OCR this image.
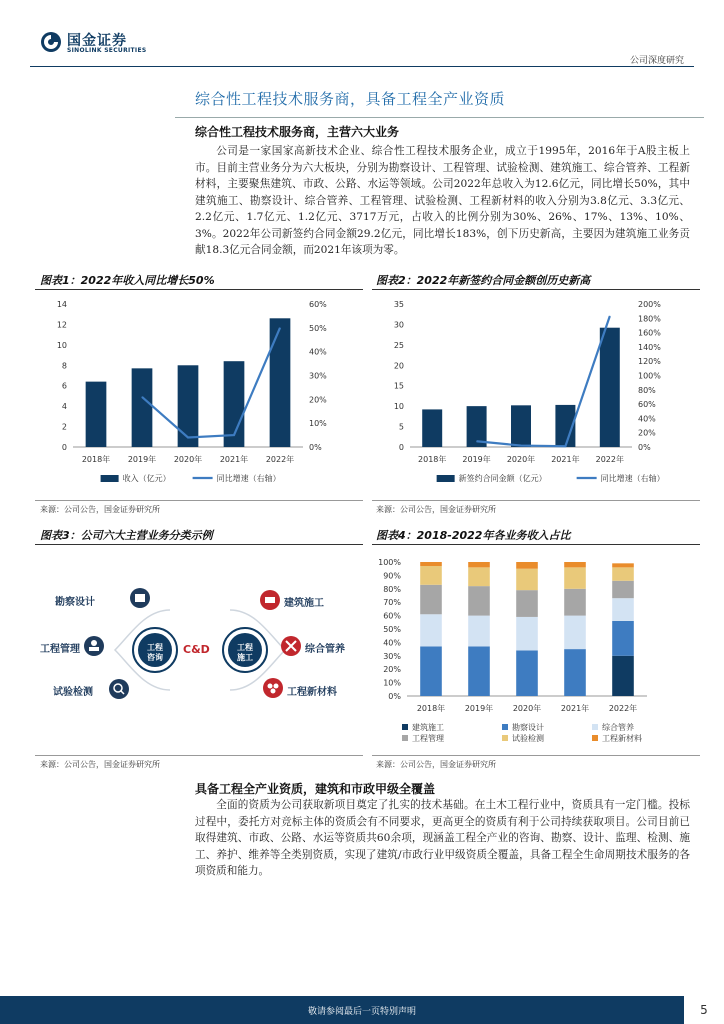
国金证券
SINOLINK SECURITIES
公司深度研究
综合性工程技术服务商，具备工程全产业资质
综合性工程技术服务商，主营六大业务
公司是一家国家高新技术企业、综合性工程技术服务企业，成立于1995年，2016年于A股主板上市。目前主营业务分为六大板块，分别为勘察设计、工程管理、试验检测、建筑施工、综合管养、工程新材料，主要聚焦建筑、市政、公路、水运等领域。公司2022年总收入为12.6亿元，同比增长50%，其中建筑施工、勘察设计、综合管养、工程管理、试验检测、工程新材料的收入分别为3.8亿元、3.3亿元、2.2亿元、1.7亿元、1.2亿元、3717万元，占收入的比例分别为30%、26%、17%、13%、10%、3%。2022年公司新签约合同金额29.2亿元，同比增长183%，创下历史新高，主要因为建筑施工业务贡献18.3亿元合同金额，而2021年该项为零。
图表1：2022年收入同比增长50%
0
2
4
6
8
10
12
14
0%
10%
20%
30%
40%
50%
60%
2018年 2019年 2020年 2021年 2022年
收入（亿元）	同比增速（右轴）
来源：公司公告，国金证券研究所
图表2：2022年新签约合同金额创历史新高
0
5
10
15
20
25
30
35
0%
20%
40%
60%
80%
100%
120%
140%
160%
180%
200%
2018年 2019年 2020年 2021年 2022年
新签约合同金额（亿元）	同比增速（右轴）
来源：公司公告，国金证券研究所
图表3：公司六大主营业务分类示例
工程
咨询
工程
施工
C&D
勘察设计
工程管理
试验检测
建筑施工
综合管养
工程新材料
来源：公司公告，国金证券研究所
图表4：2018-2022年各业务收入占比
0%
10%
20%
30%
40%
50%
60%
70%
80%
90%
100%
2018年 2019年 2020年 2021年 2022年
建筑施工	勘察设计	综合管养
工程管理	试验检测	工程新材料
来源：公司公告，国金证券研究所
具备工程全产业资质，建筑和市政甲级全覆盖
全面的资质为公司获取新项目奠定了扎实的技术基础。在土木工程行业中，资质具有一定门槛。投标过程中，委托方对竞标主体的资质会有不同要求，更高更全的资质有利于公司持续获取项目。公司目前已取得建筑、市政、公路、水运等资质共60余项，现涵盖工程全产业的咨询、勘察、设计、监理、检测、施工、养护、维养等全类别资质，实现了建筑/市政行业甲级资质全覆盖，具备工程全生命周期技术服务的各项资质和能力。
敬请参阅最后一页特别声明	5
